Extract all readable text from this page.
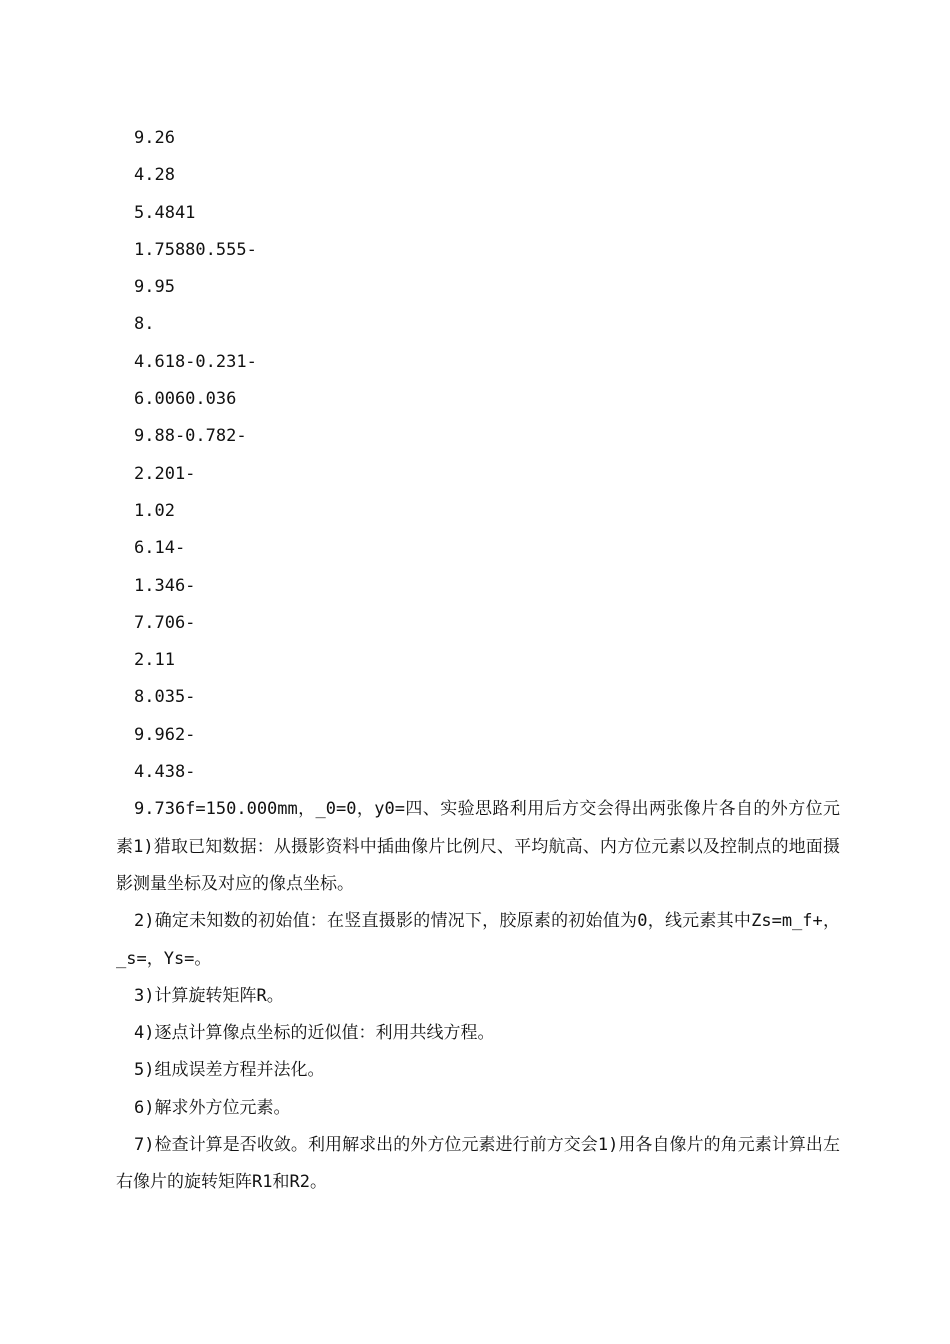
9.26
4.28
5.4841
1.75880.555-
9.95
8.
4.618-0.231-
6.0060.036
9.88-0.782-
2.201-
1.02
6.14-
1.346-
7.706-
2.11
8.035-
9.962-
4.438-

9.736f=150.000mm，_0=0，y0=四、实验思路利用后方交会得出两张像片各自的外方位元素1)猎取已知数据：从摄影资料中插曲像片比例尺、平均航高、内方位元素以及控制点的地面摄影测量坐标及对应的像点坐标。

2)确定未知数的初始值：在竖直摄影的情况下，胶原素的初始值为0，线元素其中Zs=m_f+，_s=，Ys=。

3)计算旋转矩阵R。

4)逐点计算像点坐标的近似值：利用共线方程。

5)组成误差方程并法化。

6)解求外方位元素。

7)检查计算是否收敛。利用解求出的外方位元素进行前方交会1)用各自像片的角元素计算出左右像片的旋转矩阵R1和R2。
